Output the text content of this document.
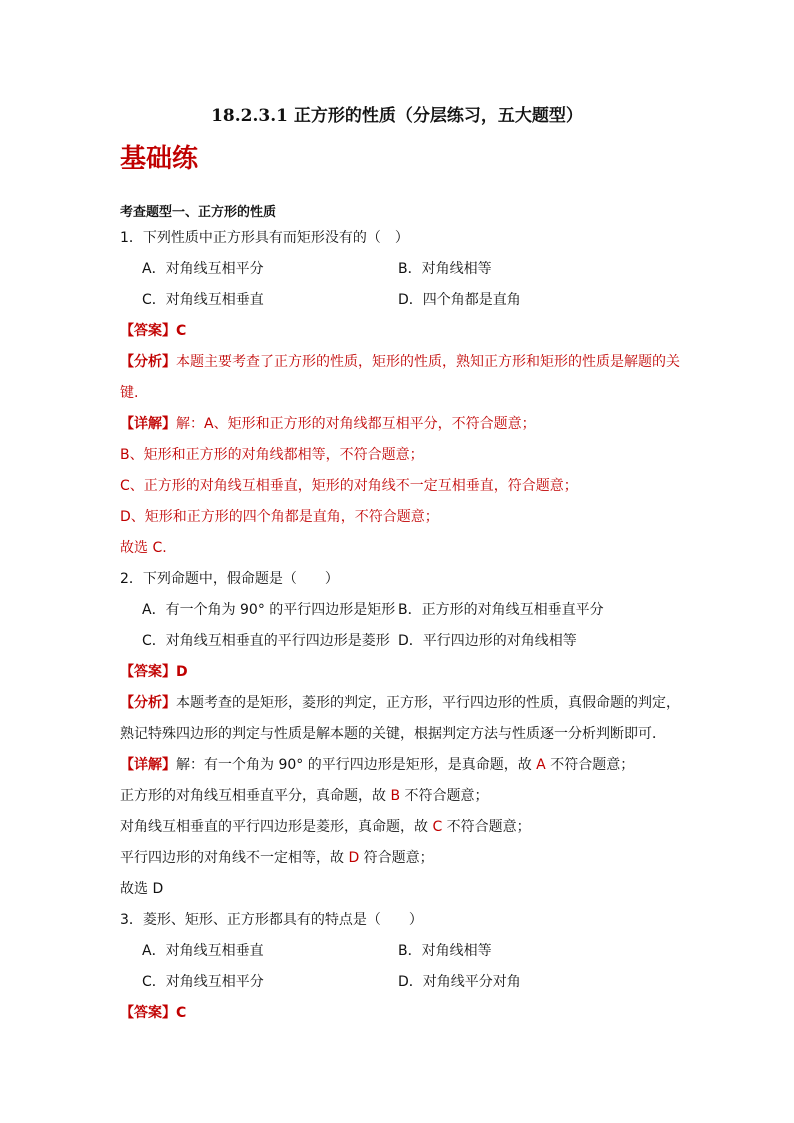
18.2.3.1 正方形的性质（分层练习，五大题型）
基础练
考查题型一、正方形的性质
1．下列性质中正方形具有而矩形没有的（　）
A．对角线互相平分	B．对角线相等
C．对角线互相垂直	D．四个角都是直角
【答案】C
【分析】本题主要考查了正方形的性质，矩形的性质，熟知正方形和矩形的性质是解题的关
键.
【详解】解：A、矩形和正方形的对角线都互相平分，不符合题意；
B、矩形和正方形的对角线都相等，不符合题意；
C、正方形的对角线互相垂直，矩形的对角线不一定互相垂直，符合题意；
D、矩形和正方形的四个角都是直角，不符合题意；
故选 C.
2．下列命题中，假命题是（　　）
A．有一个角为 90° 的平行四边形是矩形 B．正方形的对角线互相垂直平分
C．对角线互相垂直的平行四边形是菱形 D．平行四边形的对角线相等
【答案】D
【分析】本题考查的是矩形，菱形的判定，正方形，平行四边形的性质，真假命题的判定，
熟记特殊四边形的判定与性质是解本题的关键，根据判定方法与性质逐一分析判断即可．
【详解】解：有一个角为 90° 的平行四边形是矩形，是真命题，故 A 不符合题意；
正方形的对角线互相垂直平分，真命题，故 B 不符合题意；
对角线互相垂直的平行四边形是菱形，真命题，故 C 不符合题意；
平行四边形的对角线不一定相等，故 D 符合题意；
故选 D
3．菱形、矩形、正方形都具有的特点是（　　）
A．对角线互相垂直	B．对角线相等
C．对角线互相平分	D．对角线平分对角
【答案】C
